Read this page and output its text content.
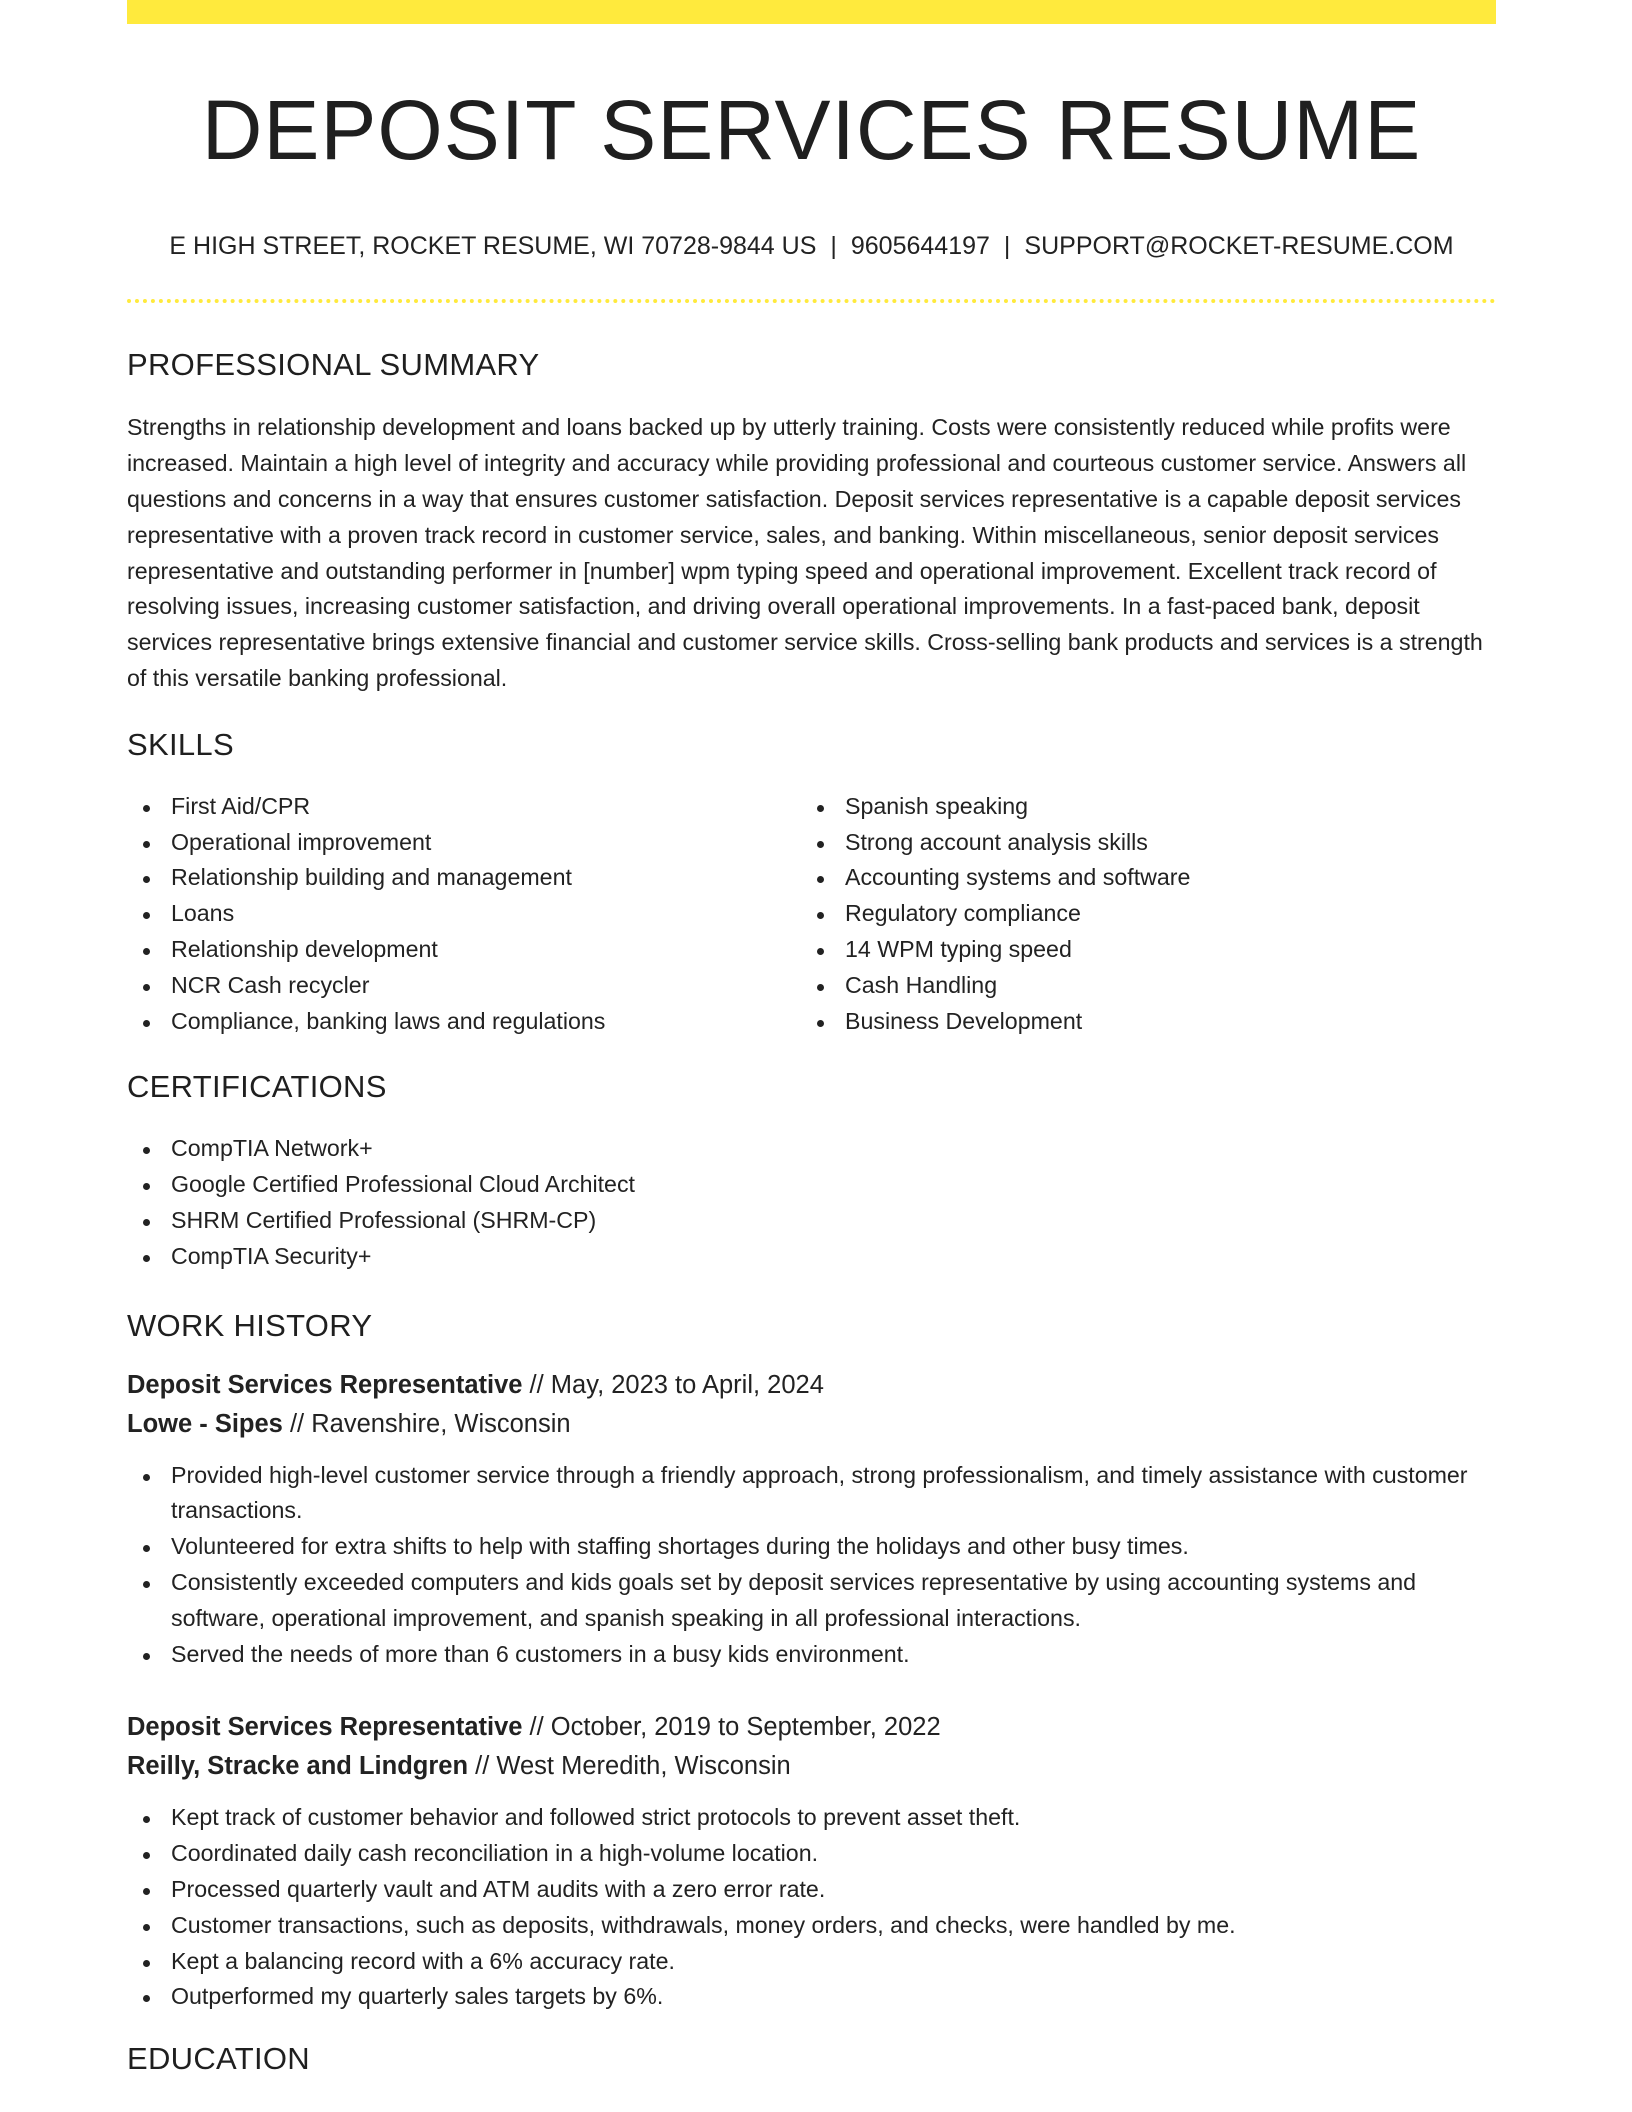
DEPOSIT SERVICES RESUME
E HIGH STREET, ROCKET RESUME, WI 70728-9844 US | 9605644197 | SUPPORT@ROCKET-RESUME.COM
PROFESSIONAL SUMMARY

Strengths in relationship development and loans backed up by utterly training. Costs were consistently reduced while profits were increased. Maintain a high level of integrity and accuracy while providing professional and courteous customer service. Answers all questions and concerns in a way that ensures customer satisfaction. Deposit services representative is a capable deposit services representative with a proven track record in customer service, sales, and banking. Within miscellaneous, senior deposit services representative and outstanding performer in [number] wpm typing speed and operational improvement. Excellent track record of resolving issues, increasing customer satisfaction, and driving overall operational improvements. In a fast-paced bank, deposit services representative brings extensive financial and customer service skills. Cross-selling bank products and services is a strength of this versatile banking professional.

SKILLS
First Aid/CPR
Operational improvement
Relationship building and management
Loans
Relationship development
NCR Cash recycler
Compliance, banking laws and regulations
Spanish speaking
Strong account analysis skills
Accounting systems and software
Regulatory compliance
14 WPM typing speed
Cash Handling
Business Development
CERTIFICATIONS
CompTIA Network+
Google Certified Professional Cloud Architect
SHRM Certified Professional (SHRM-CP)
CompTIA Security+
WORK HISTORY
Deposit Services Representative // May, 2023 to April, 2024
Lowe - Sipes // Ravenshire, Wisconsin
Provided high-level customer service through a friendly approach, strong professionalism, and timely assistance with customer transactions.
Volunteered for extra shifts to help with staffing shortages during the holidays and other busy times.
Consistently exceeded computers and kids goals set by deposit services representative by using accounting systems and software, operational improvement, and spanish speaking in all professional interactions.
Served the needs of more than 6 customers in a busy kids environment.
Deposit Services Representative // October, 2019 to September, 2022
Reilly, Stracke and Lindgren // West Meredith, Wisconsin
Kept track of customer behavior and followed strict protocols to prevent asset theft.
Coordinated daily cash reconciliation in a high-volume location.
Processed quarterly vault and ATM audits with a zero error rate.
Customer transactions, such as deposits, withdrawals, money orders, and checks, were handled by me.
Kept a balancing record with a 6% accuracy rate.
Outperformed my quarterly sales targets by 6%.
EDUCATION
